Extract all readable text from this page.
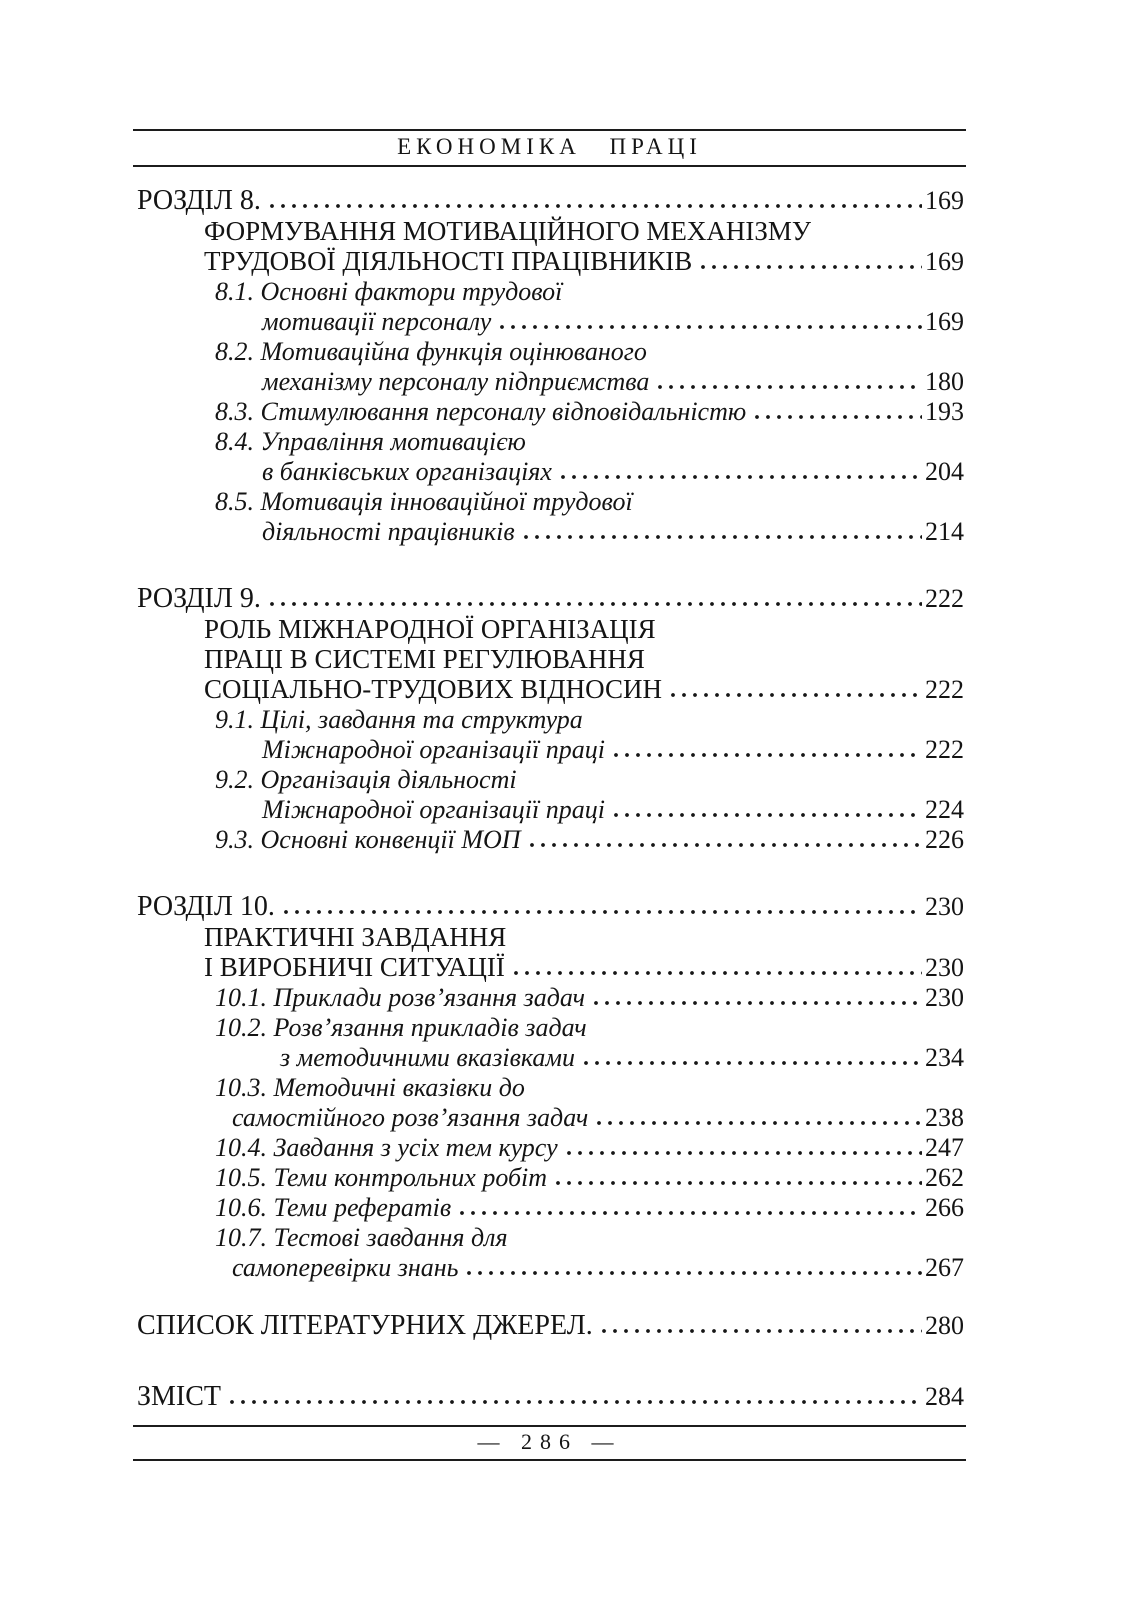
ЕКОНОМІКА ПРАЦІ
РОЗДІЛ 8.	169
ФОРМУВАННЯ МОТИВАЦІЙНОГО МЕХАНІЗМУ
ТРУДОВОЇ ДІЯЛЬНОСТІ ПРАЦІВНИКІВ	169
8.1. Основні фактори трудової
мотивації персоналу	169
8.2. Мотиваційна функція оцінюваного
механізму персоналу підприємства	180
8.3. Стимулювання персоналу відповідальністю	193
8.4. Управління мотивацією
в банківських організаціях	204
8.5. Мотивація інноваційної трудової
діяльності працівників	214
РОЗДІЛ 9.	222
РОЛЬ МІЖНАРОДНОЇ ОРГАНІЗАЦІЯ
ПРАЦІ В СИСТЕМІ РЕГУЛЮВАННЯ
СОЦІАЛЬНО-ТРУДОВИХ ВІДНОСИН	222
9.1. Цілі, завдання та структура
Міжнародної організації праці	222
9.2. Організація діяльності
Міжнародної організації праці	224
9.3. Основні конвенції МОП	226
РОЗДІЛ 10.	230
ПРАКТИЧНІ ЗАВДАННЯ
І ВИРОБНИЧІ СИТУАЦІЇ	230
10.1. Приклади розв’язання задач	230
10.2. Розв’язання прикладів задач
з методичними вказівками	234
10.3. Методичні вказівки до
самостійного розв’язання задач	238
10.4. Завдання з усіх тем курсу	247
10.5. Теми контрольних робіт	262
10.6. Теми рефератів	266
10.7. Тестові завдання для
самоперевірки знань	267
СПИСОК ЛІТЕРАТУРНИХ ДЖЕРЕЛ.	280
ЗМІСТ	284
— 286 —
